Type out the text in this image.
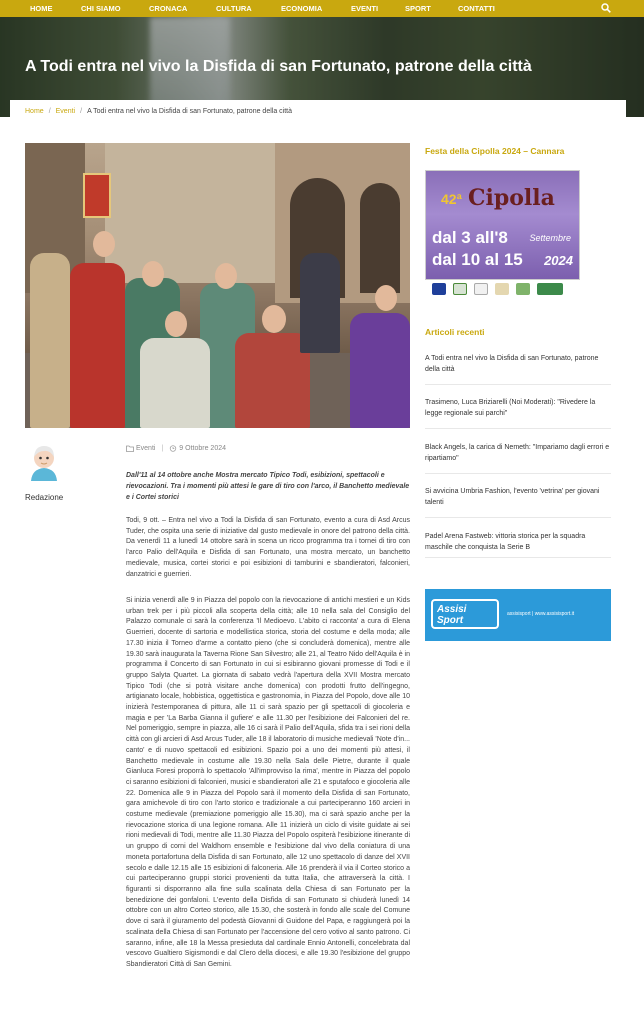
HOME	CHI SIAMO	CRONACA	CULTURA	ECONOMIA	EVENTI	SPORT	CONTATTI
A Todi entra nel vivo la Disfida di san Fortunato, patrone della città
Home / Eventi / A Todi entra nel vivo la Disfida di san Fortunato, patrone della città
Redazione
Eventi | 9 Ottobre 2024

Dall'11 al 14 ottobre anche Mostra mercato Tipico Todi, esibizioni, spettacoli e rievocazioni. Tra i momenti più attesi le gare di tiro con l'arco, il Banchetto medievale e i Cortei storici

Todi, 9 ott. – Entra nel vivo a Todi la Disfida di san Fortunato, evento a cura di Asd Arcus Tuder, che ospita una serie di iniziative dal gusto medievale in onore del patrono della città. Da venerdì 11 a lunedì 14 ottobre sarà in scena un ricco programma tra i tornei di tiro con l'arco Palio dell'Aquila e Disfida di san Fortunato, una mostra mercato, un banchetto medievale, musica, cortei storici e poi esibizioni di tamburini e sbandieratori, falconieri, danzatrici e guerrieri.

Si inizia venerdì alle 9 in Piazza del popolo con la rievocazione di antichi mestieri e un Kids urban trek per i più piccoli alla scoperta della città; alle 10 nella sala del Consiglio del Palazzo comunale ci sarà la conferenza 'Il Medioevo. L'abito ci racconta' a cura di Elena Guerrieri, docente di sartoria e modellistica storica, storia del costume e della moda; alle 17.30 inizia il Torneo d'arme a contatto pieno (che si concluderà domenica), mentre alle 19.30 sarà inaugurata la Taverna Rione San Silvestro; alle 21, al Teatro Nido dell'Aquila è in programma il Concerto di san Fortunato in cui si esibiranno giovani promesse di Todi e il gruppo Salyta Quartet. La giornata di sabato vedrà l'apertura della XVII Mostra mercato Tipico Todi (che si potrà visitare anche domenica) con prodotti frutto dell'ingegno, artigianato locale, hobbistica, oggettistica e gastronomia, in Piazza del Popolo, dove alle 10 inizierà l'estemporanea di pittura, alle 11 ci sarà spazio per gli spettacoli di giocoleria e magia e per 'La Barba Gianna il gufiere' e alle 11.30 per l'esibizione dei Falconieri del re. Nel pomeriggio, sempre in piazza, alle 16 ci sarà il Palio dell'Aquila, sfida tra i sei rioni della città con gli arcieri di Asd Arcus Tuder, alle 18 il laboratorio di musiche medievali 'Note d'in... canto' e di nuovo spettacoli ed esibizioni. Spazio poi a uno dei momenti più attesi, il Banchetto medievale in costume alle 19.30 nella Sala delle Pietre, durante il quale Gianluca Foresi proporrà lo spettacolo 'All'improvviso la rima', mentre in Piazza del popolo ci saranno esibizioni di falconieri, musici e sbandieratori alle 21 e sputafoco e giocoleria alle 22. Domenica alle 9 in Piazza del Popolo sarà il momento della Disfida di san Fortunato, gara amichevole di tiro con l'arto storico e tradizionale a cui parteciperanno 160 arcieri in costume medievale (premiazione pomeriggio alle 15.30), ma ci sarà spazio anche per la rievocazione storica di una legione romana. Alle 11 inizierà un ciclo di visite guidate ai sei rioni medievali di Todi, mentre alle 11.30 Piazza del Popolo ospiterà l'esibizione itinerante di un gruppo di corni del Waldhorn ensemble e l'esibizione dal vivo della coniatura di una moneta portafortuna della Disfida di san Fortunato, alle 12 uno spettacolo di danze del XVII secolo e dalle 12.15 alle 15 esibizioni di falconeria. Alle 16 prenderà il via il Corteo storico a cui parteciperanno gruppi storici provenienti da tutta Italia, che attraverserà la città. I figuranti si disporranno alla fine sulla scalinata della Chiesa di san Fortunato per la benedizione dei gonfaloni. L'evento della Disfida di san Fortunato si chiuderà lunedì 14 ottobre con un altro Corteo storico, alle 15.30, che sosterà in fondo alle scale del Comune dove ci sarà il giuramento del podestà Giovanni di Guidone del Papa, e raggiungerà poi la scalinata della Chiesa di san Fortunato per l'accensione del cero votivo al santo patrono. Ci saranno, infine, alle 18 la Messa presieduta dal cardinale Ennio Antonelli, concelebrata dal vescovo Gualtiero Sigismondi e dal Clero della diocesi, e alle 19.30 l'esibizione del gruppo Sbandieratori Città di San Gemini.

Festa della Cipolla 2024 – Cannara
42ª Cipolla
dal 3 all'8
dal 10 al 15
Settembre
2024
Articoli recenti
A Todi entra nel vivo la Disfida di san Fortunato, patrone della città
Trasimeno, Luca Briziarelli (Noi Moderati): "Rivedere la legge regionale sui parchi"
Black Angels, la carica di Nemeth: "Impariamo dagli errori e ripartiamo"
Si avvicina Umbria Fashion, l'evento 'vetrina' per giovani talenti
Padel Arena Fastweb: vittoria storica per la squadra maschile che conquista la Serie B
Assisi Sport
assisisport | www.assisisport.it
